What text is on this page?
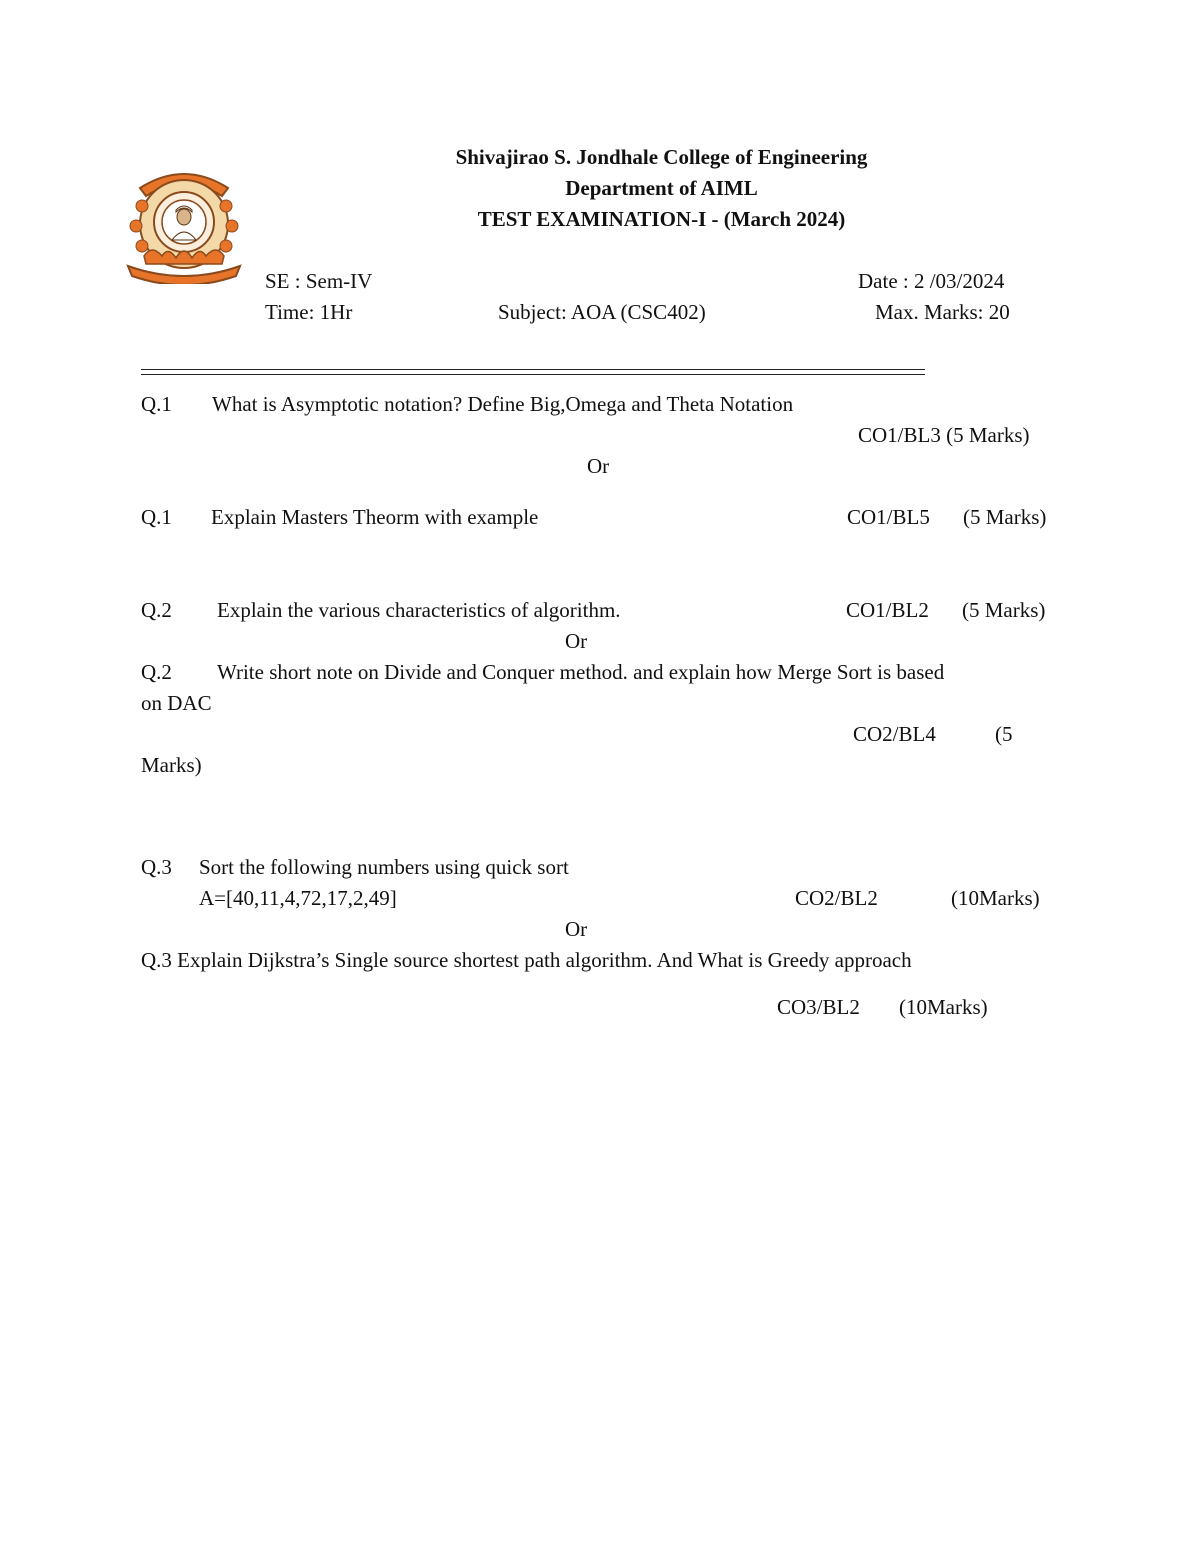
Shivajirao S. Jondhale College of Engineering
Department of AIML
TEST EXAMINATION-I - (March 2024)
SE : Sem-IV	Date : 2 /03/2024
Time: 1Hr	Subject: AOA (CSC402)	Max. Marks: 20
Q.1 What is Asymptotic notation? Define Big,Omega and Theta Notation
CO1/BL3 (5 Marks)
Or
Q.1 Explain Masters Theorm with example	CO1/BL5 (5 Marks)
Q.2 Explain the various characteristics of algorithm.	CO1/BL2 (5 Marks)
Or
Q.2 Write short note on Divide and Conquer method. and explain how Merge Sort is based
on DAC
CO2/BL4	(5
Marks)
Q.3 Sort the following numbers using quick sort
A=[40,11,4,72,17,2,49]	CO2/BL2	(10Marks)
Or
Q.3 Explain Dijkstra’s Single source shortest path algorithm. And What is Greedy approach
CO3/BL2 (10Marks)
